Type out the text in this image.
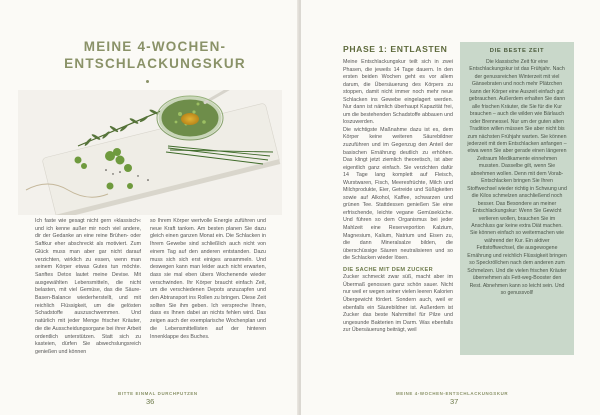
MEINE 4-WOCHEN-ENTSCHLACKUNGSKUR

Ich faste wie gesagt nicht gern »klassisch« und ich kenne außer mir noch viel andere, dir der Gedanke an eine reine Brühen- oder Saftkur eher abschreckt als motiviert. Zum Glück muss man aber gar nicht darauf verzichten, wirklich zu essen, wenn man seinem Körper etwas Gutes tun möchte. Sanftes Detox lautet meine Devise. Mit ausgewählten Lebensmitteln, die nicht belasten, mit viel Gemüse, das die Säure-Basen-Balance wiederherstellt, und mit reichlich Flüssigkeit, um die gelösten Schadstoffe auszuschwemmen. Und natürlich mit jeder Menge frischer Kräuter, die die Ausscheidungsorgane bei ihrer Arbeit ordentlich unterstützen. Statt sich zu kasteien, dürfen Sie abwechslungsreich genießen und können

so Ihrem Körper wertvolle Energie zuführen und neue Kraft tanken. Am besten planen Sie dazu gleich einen ganzen Monat ein. Die Schlacken in Ihrem Gewebe sind schließlich auch nicht von einem Tag auf den anderen entstanden. Dazu muss sich sich erst einiges ansammeln. Und deswegen kann man leider auch nicht erwarten, dass sie mal eben übers Wochenende wieder verschwinden. Ihr Körper braucht einfach Zeit, um die verschiedenen Depots anzuzapfen und den Abtransport ins Rollen zu bringen. Diese Zeit sollten Sie ihm geben. Ich verspreche Ihnen, dass es Ihnen dabei an nichts fehlen wird. Das zeigen auch der exemplarische Wochenplan und die Lebensmittellisten auf der hinteren Innenklappe des Buches.

BITTE EINMAL DURCHPUTZEN
36
PHASE 1: ENTLASTEN

Meine Entschlackungskur teilt sich in zwei Phasen, die jeweils 14 Tage dauern. In den ersten beiden Wochen geht es vor allem darum, die Übersäuerung des Körpers zu stoppen, damit nicht immer noch mehr neue Schlacken ins Gewebe eingelagert werden. Nur dann ist nämlich überhaupt Kapazität frei, um die bestehenden Schadstoffe abbauen und loszuwerden.

Die wichtigste Maßnahme dazu ist es, dem Körper keine weiteren Säurebildner zuzuführen und im Gegenzug den Anteil der basischen Ernährung deutlich zu erhöhen. Das klingt jetzt ziemlich theoretisch, ist aber eigentlich ganz einfach. Sie verzichten dafür 14 Tage lang komplett auf Fleisch, Wurstwaren, Fisch, Meeresfrüchte, Milch und Milchprodukte, Eier, Getreide und Süßigkeiten sowie auf Alkohol, Kaffee, schwarzen und grünen Tee. Stattdessen genießen Sie eine erfrischende, leichte vegane Gemüseküche. Und führen so dem Organismus bei jeder Mahlzeit eine Reserveportion Kalzium, Magnesium, Kalium, Natrium und Eisen zu, die dann Mineralsalze bilden, die überschüssige Säuren neutralisieren und so die Schlacken wieder lösen.

DIE SACHE MIT DEM ZUCKER

Zucker schmeckt zwar süß, macht aber im Übermaß genossen ganz schön sauer. Nicht nur weil er wegen seiner vielen leeren Kalorien Übergewicht fördert. Sondern auch, weil er ebenfalls ein Säurebildner ist. Außerdem ist Zucker das beste Nahrmittel für Pilze und ungesunde Bakterien im Darm. Was ebenfalls zur Übersäuerung beiträgt, weil

DIE BESTE ZEIT

Die klassische Zeit für eine Entschlackungskur ist das Frühjahr. Nach der genussreichen Winterzeit mit viel Gänsebraten und noch mehr Plätzchen kann der Körper eine Auszeit einfach gut gebrauchen. Außerdem erhalten Sie dann alle frischen Kräuter, die Sie für die Kur brauchen – auch die wilden wie Bärlauch oder Brennessel. Nur um der guten alten Tradition willen müssen Sie aber nicht bis zum nächsten Frühjahr warten. Sie können jederzeit mit dem Entschlacken anfangen – etwa wenn Sie aber gerade einen längeren Zeitraum Medikamente einnehmen mussten. Dasselbe gilt, wenn Sie abnehmen wollen. Denn mit dem Vorab-Entschlacken bringen Sie Ihren Stoffwechsel wieder richtig in Schwung und die Kilos schmelzen anschließend noch besser. Das Besondere an meiner Entschlackungskur: Wenn Sie Gewicht verlieren wollen, brauchen Sie im Anschluss gar keine extra Diät machen. Sie können einfach so weitermachen wie während der Kur. Ein aktiver Fettstoffwechsel, die ausgewogene Ernährung und reichlich Flüssigkeit bringen so Speckröllchen nach dem anderen zum Schmelzen. Und die vielen frischen Kräuter übernehmen als Fett-weg-Booster den Rest. Abnehmen kann so leicht sein. Und so genussvoll!

MEINE 4-WOCHEN-ENTSCHLACKUNGSKUR
37
